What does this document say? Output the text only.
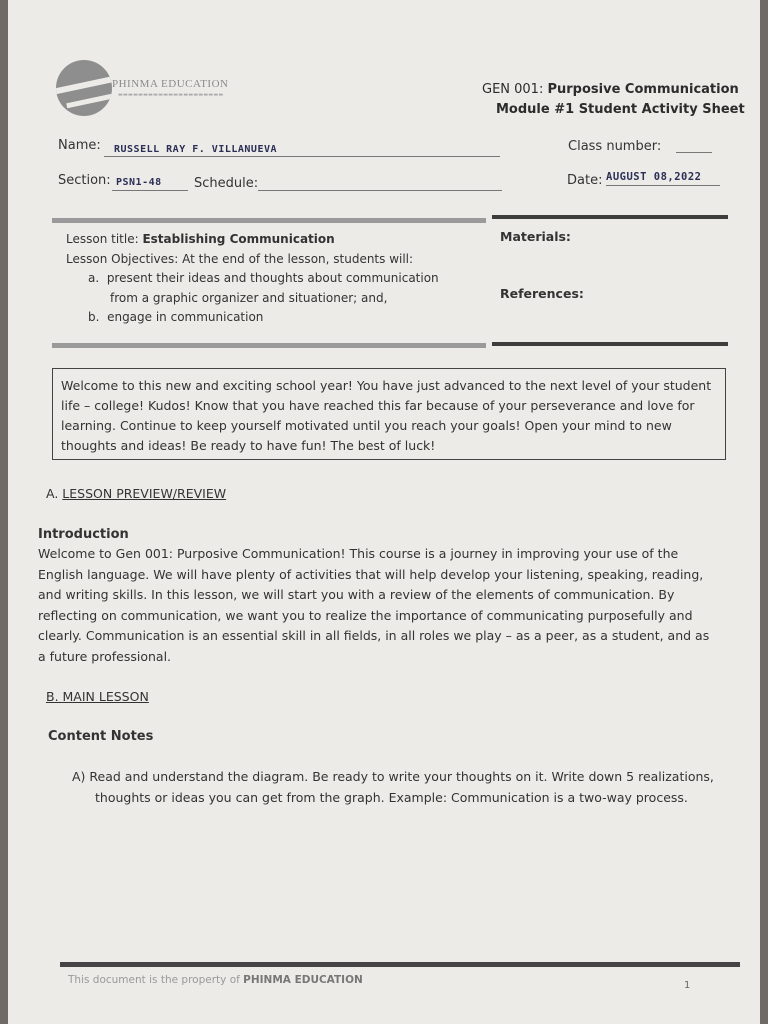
PHINMA EDUCATION
▬▬▬▬▬▬▬▬▬▬▬▬▬▬▬▬▬▬▬▬▬	GEN 001: Purposive Communication
Module #1 Student Activity Sheet
Name: RUSSELL RAY F. VILLANUEVA	Class number:
Section: PSN1-48 Schedule:	Date: AUGUST 08,2022
Lesson title: Establishing Communication
Lesson Objectives: At the end of the lesson, students will:
a. present their ideas and thoughts about communication
from a graphic organizer and situationer; and,
b. engage in communication
Materials:
References:
Welcome to this new and exciting school year! You have just advanced to the next level of your student
life – college! Kudos! Know that you have reached this far because of your perseverance and love for
learning. Continue to keep yourself motivated until you reach your goals! Open your mind to new
thoughts and ideas! Be ready to have fun! The best of luck!
A. LESSON PREVIEW/REVIEW
Introduction
Welcome to Gen 001: Purposive Communication! This course is a journey in improving your use of the
English language. We will have plenty of activities that will help develop your listening, speaking, reading,
and writing skills. In this lesson, we will start you with a review of the elements of communication. By
reflecting on communication, we want you to realize the importance of communicating purposefully and
clearly. Communication is an essential skill in all fields, in all roles we play – as a peer, as a student, and as
a future professional.
B. MAIN LESSON
Content Notes
A) Read and understand the diagram. Be ready to write your thoughts on it. Write down 5 realizations,
thoughts or ideas you can get from the graph. Example: Communication is a two-way process.
This document is the property of PHINMA EDUCATION	1
